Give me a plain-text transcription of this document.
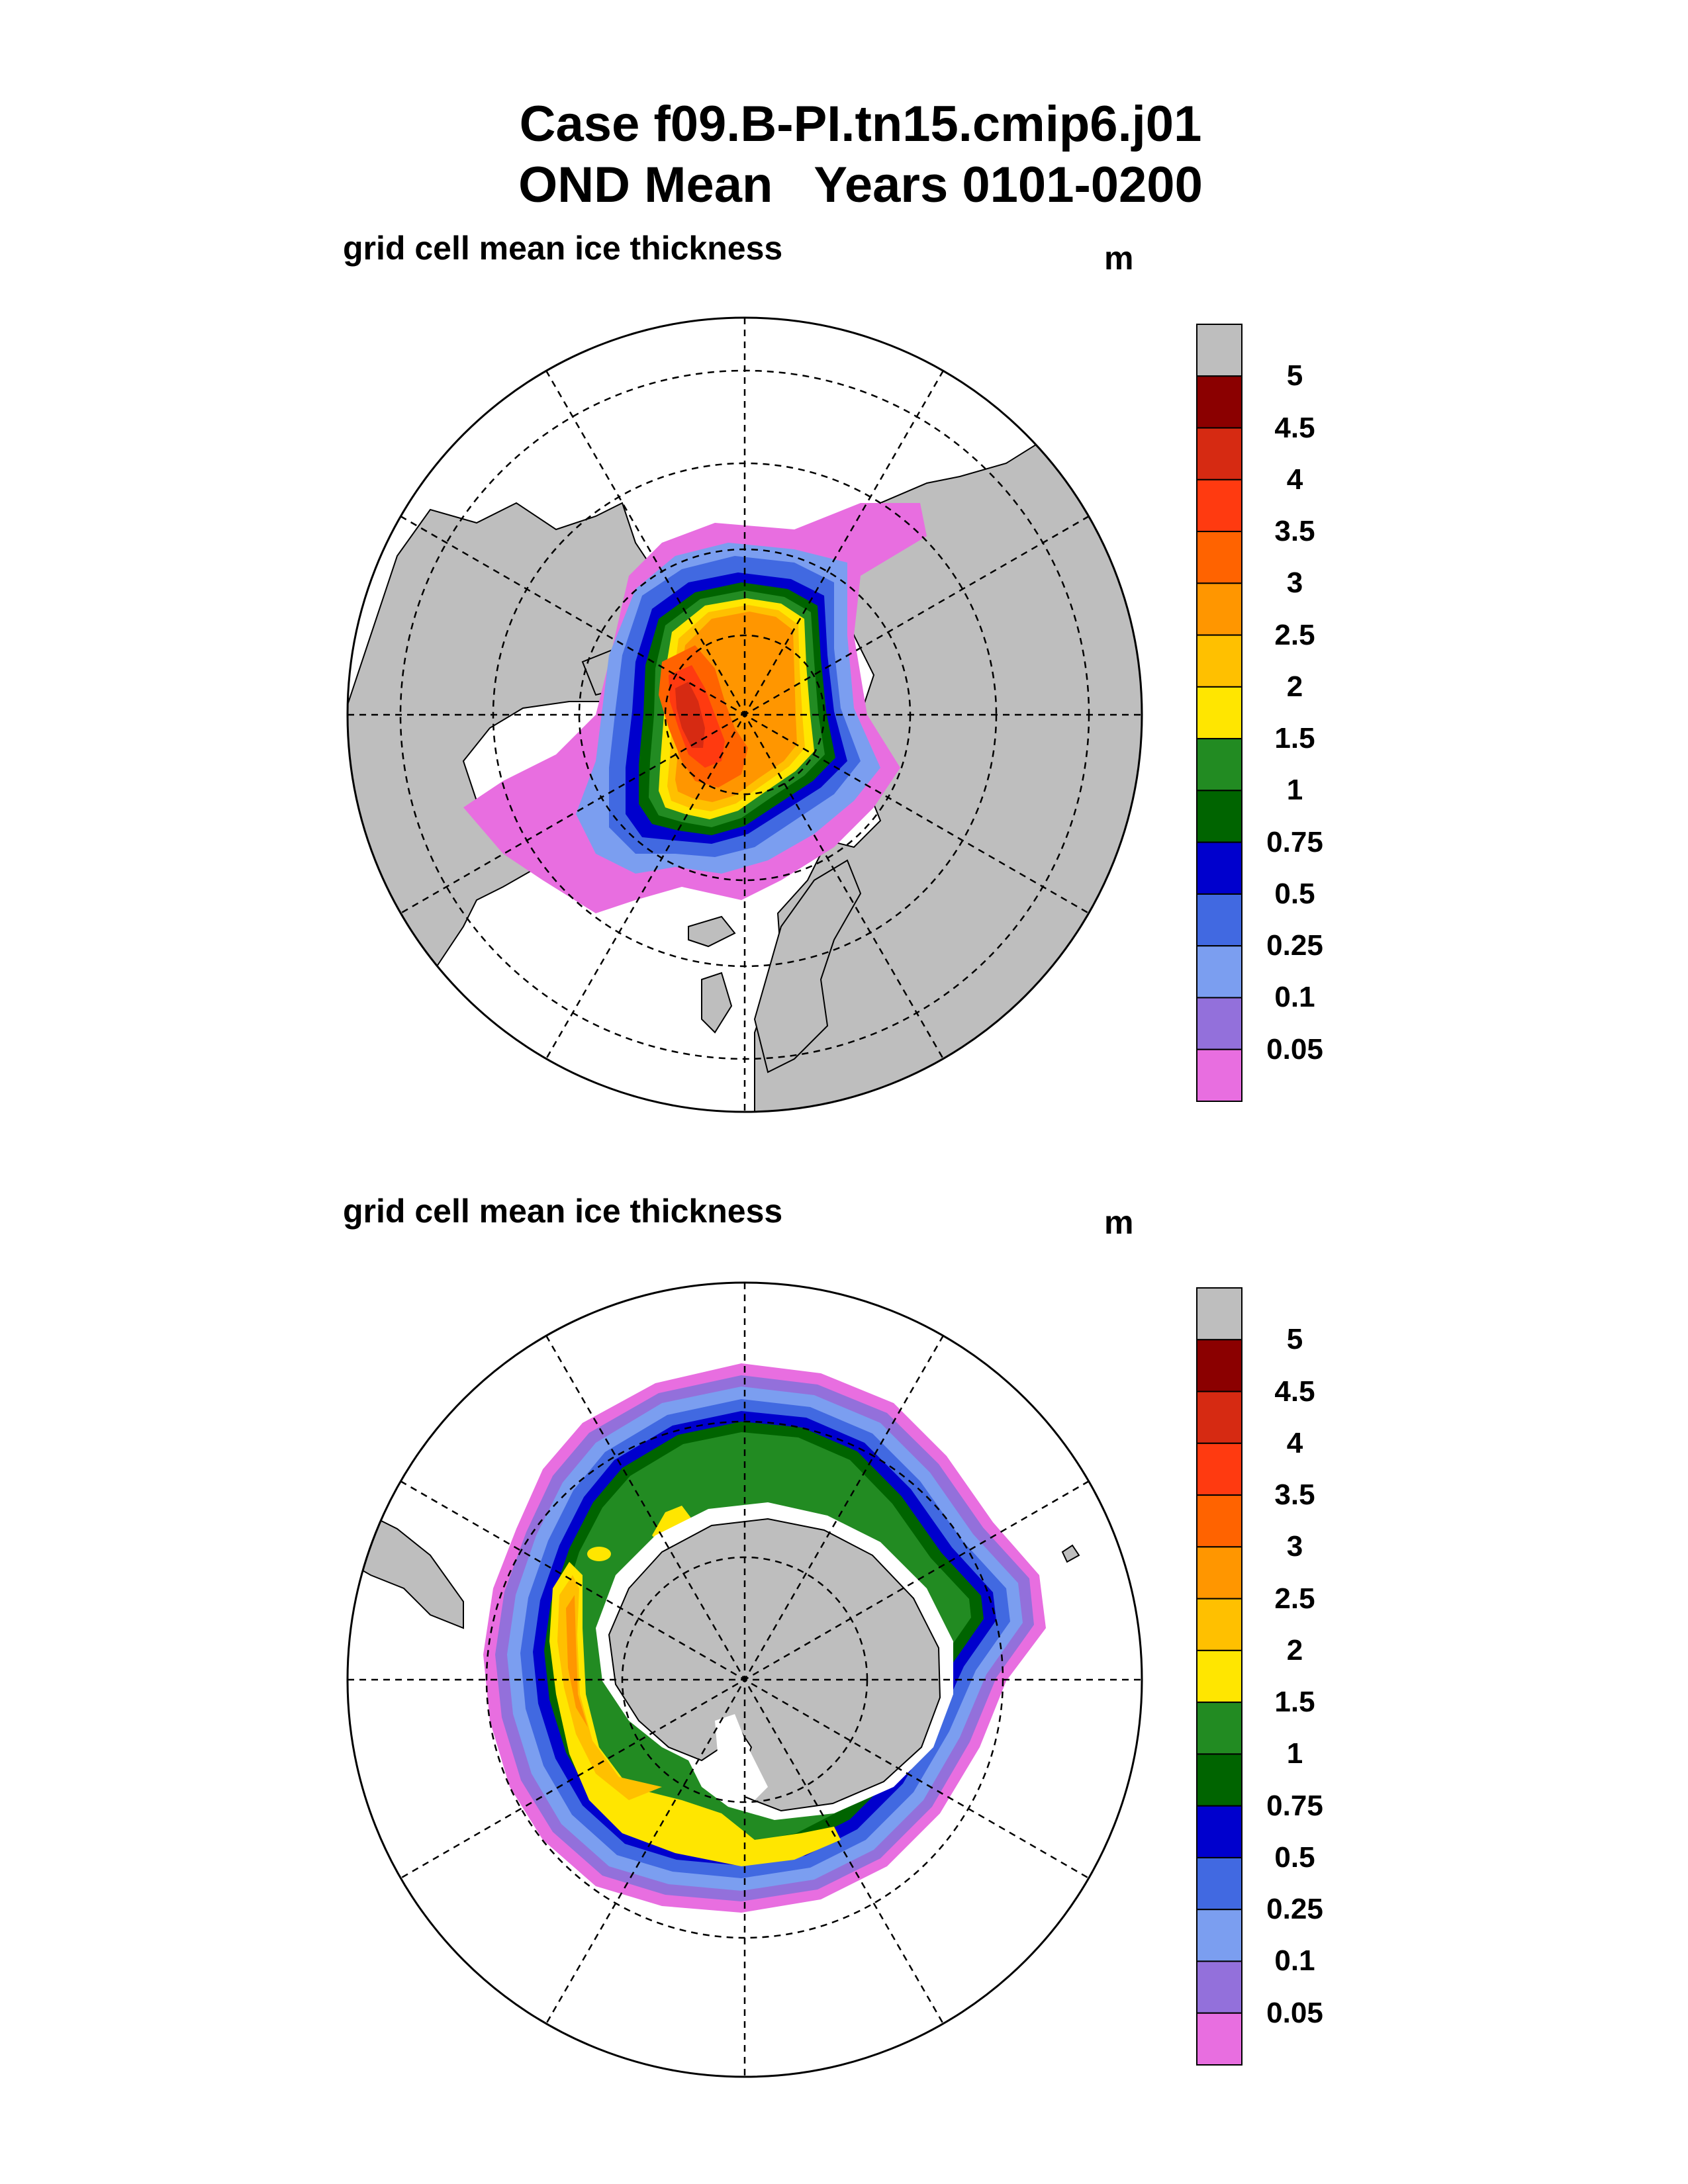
Case f09.B-PI.tn15.cmip6.j01
OND Mean   Years 0101-0200
grid cell mean ice thickness	m
grid cell mean ice thickness	m
5
4.5
4
3.5
3
2.5
2
1.5
1
0.75
0.5
0.25
0.1
0.05
5
4.5
4
3.5
3
2.5
2
1.5
1
0.75
0.5
0.25
0.1
0.05
